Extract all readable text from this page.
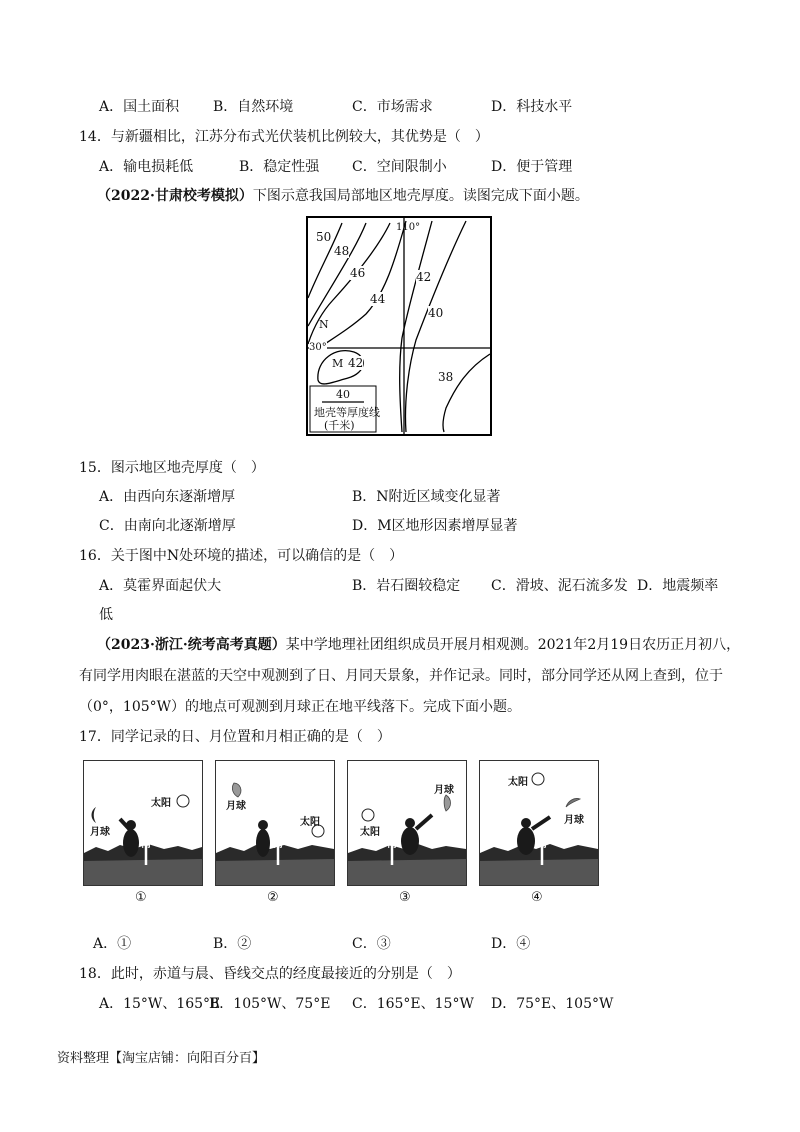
A．国土面积 B．自然环境	C．市场需求	D．科技水平
14．与新疆相比，江苏分布式光伏装机比例较大，其优势是（　）
A．输电损耗低	B．稳定性强 C．空间限制小	D．便于管理
（2022·甘肃校考模拟）下图示意我国局部地区地壳厚度。读图完成下面小题。
110°
30°
50
48
46
44
42
40
42
38
N
M
40
地壳等厚度线
(千米)
15．图示地区地壳厚度（　）
A．由西向东逐渐增厚	B．N附近区域变化显著
C．由南向北逐渐增厚	D．M区地形因素增厚显著
16．关于图中N处环境的描述，可以确信的是（　）
A．莫霍界面起伏大	B．岩石圈较稳定 C．滑坡、泥石流多发 D．地震频率
低
（2023·浙江·统考高考真题）某中学地理社团组织成员开展月相观测。2021年2月19日农历正月初八，
有同学用肉眼在湛蓝的天空中观测到了日、月同天景象，并作记录。同时，部分同学还从网上查到，位于
（0°，105°W）的地点可观测到月球正在地平线落下。完成下面小题。
17．同学记录的日、月位置和月相正确的是（　）
太阳
月球
南
①
月球
太阳
南
②
月球
太阳
南
③
太阳
月球
南
④
A．①	B．②	C．③	D．④
18．此时，赤道与晨、昏线交点的经度最接近的分别是（　）
A．15°W、165°E
B．105°W、75°E C．165°E、15°W D．75°E、105°W
资料整理【淘宝店铺：向阳百分百】
